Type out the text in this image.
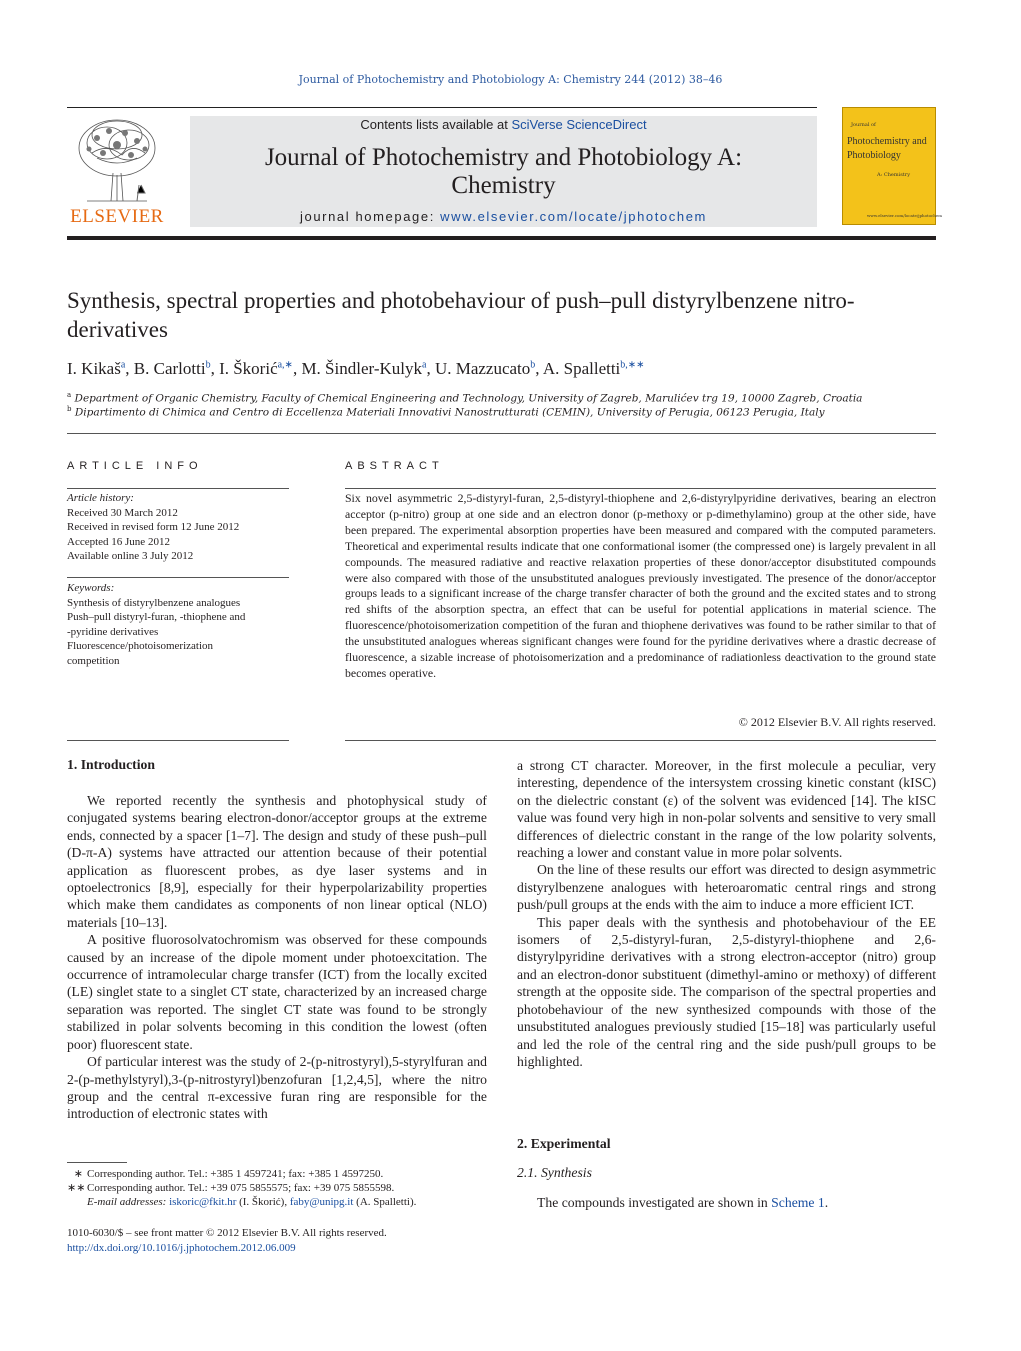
Journal of Photochemistry and Photobiology A: Chemistry 244 (2012) 38–46
ELSEVIER
Contents lists available at SciVerse ScienceDirect
Journal of Photochemistry and Photobiology A: Chemistry
journal homepage: www.elsevier.com/locate/jphotochem
Journal of
Photochemistry and Photobiology
A: Chemistry
www.elsevier.com/locate/jphotochem
Synthesis, spectral properties and photobehaviour of push–pull distyrylbenzene nitro-derivatives
I. Kikaš$^a$, B. Carlotti$^b$, I. Škorić$^{a,∗}$, M. Šindler-Kulyk$^a$, U. Mazzucato$^b$, A. Spalletti$^{b,∗∗}$
$^a$ Department of Organic Chemistry, Faculty of Chemical Engineering and Technology, University of Zagreb, Marulićev trg 19, 10000 Zagreb, Croatia
$^b$ Dipartimento di Chimica and Centro di Eccellenza Materiali Innovativi Nanostrutturati (CEMIN), University of Perugia, 06123 Perugia, Italy
ARTICLE INFO
Article history:
Received 30 March 2012
Received in revised form 12 June 2012
Accepted 16 June 2012
Available online 3 July 2012
Keywords:
Synthesis of distyrylbenzene analogues
Push–pull distyryl-furan, -thiophene and
-pyridine derivatives
Fluorescence/photoisomerization
competition
ABSTRACT
Six novel asymmetric 2,5-distyryl-furan, 2,5-distyryl-thiophene and 2,6-distyrylpyridine derivatives, bearing an electron acceptor (p-nitro) group at one side and an electron donor (p-methoxy or p-dimethylamino) group at the other side, have been prepared. The experimental absorption properties have been measured and compared with the computed parameters. Theoretical and experimental results indicate that one conformational isomer (the compressed one) is largely prevalent in all compounds. The measured radiative and reactive relaxation properties of these donor/acceptor disubstituted compounds were also compared with those of the unsubstituted analogues previously investigated. The presence of the donor/acceptor groups leads to a significant increase of the charge transfer character of both the ground and the excited states and to strong red shifts of the absorption spectra, an effect that can be useful for potential applications in material science. The fluorescence/photoisomerization competition of the furan and thiophene derivatives was found to be rather similar to that of the unsubstituted analogues whereas significant changes were found for the pyridine derivatives where a drastic decrease of fluorescence, a sizable increase of photoisomerization and a predominance of radiationless deactivation to the ground state becomes operative.
© 2012 Elsevier B.V. All rights reserved.
1. Introduction

We reported recently the synthesis and photophysical study of conjugated systems bearing electron-donor/acceptor groups at the extreme ends, connected by a spacer [1–7]. The design and study of these push–pull (D-π-A) systems have attracted our attention because of their potential application as fluorescent probes, as dye laser systems and in optoelectronics [8,9], especially for their hyperpolarizability properties which make them candidates as components of non linear optical (NLO) materials [10–13].

A positive fluorosolvatochromism was observed for these compounds caused by an increase of the dipole moment under photoexcitation. The occurrence of intramolecular charge transfer (ICT) from the locally excited (LE) singlet state to a singlet CT state, characterized by an increased charge separation was reported. The singlet CT state was found to be strongly stabilized in polar solvents becoming in this condition the lowest (often poor) fluorescent state.

Of particular interest was the study of 2-(p-nitrostyryl),5-styrylfuran and 2-(p-methylstyryl),3-(p-nitrostyryl)benzofuran [1,2,4,5], where the nitro group and the central π-excessive furan ring are responsible for the introduction of electronic states with

a strong CT character. Moreover, in the first molecule a peculiar, very interesting, dependence of the intersystem crossing kinetic constant (kISC) on the dielectric constant (ε) of the solvent was evidenced [14]. The kISC value was found very high in non-polar solvents and sensitive to very small differences of dielectric constant in the range of the low polarity solvents, reaching a lower and constant value in more polar solvents.

On the line of these results our effort was directed to design asymmetric distyrylbenzene analogues with heteroaromatic central rings and strong push/pull groups at the ends with the aim to induce a more efficient ICT.

This paper deals with the synthesis and photobehaviour of the EE isomers of 2,5-distyryl-furan, 2,5-distyryl-thiophene and 2,6-distyrylpyridine derivatives with a strong electron-acceptor (nitro) group and an electron-donor substituent (dimethyl-amino or methoxy) of different strength at the opposite side. The comparison of the spectral properties and photobehaviour of the new synthesized compounds with those of the unsubstituted analogues previously studied [15–18] was particularly useful and led the role of the central ring and the side push/pull groups to be highlighted.

2. Experimental
2.1. Synthesis
The compounds investigated are shown in Scheme 1.
∗ Corresponding author. Tel.: +385 1 4597241; fax: +385 1 4597250.
∗∗ Corresponding author. Tel.: +39 075 5855575; fax: +39 075 5855598.
E-mail addresses: iskoric@fkit.hr (I. Škorić), faby@unipg.it (A. Spalletti).
1010-6030/$ – see front matter © 2012 Elsevier B.V. All rights reserved.
http://dx.doi.org/10.1016/j.jphotochem.2012.06.009
